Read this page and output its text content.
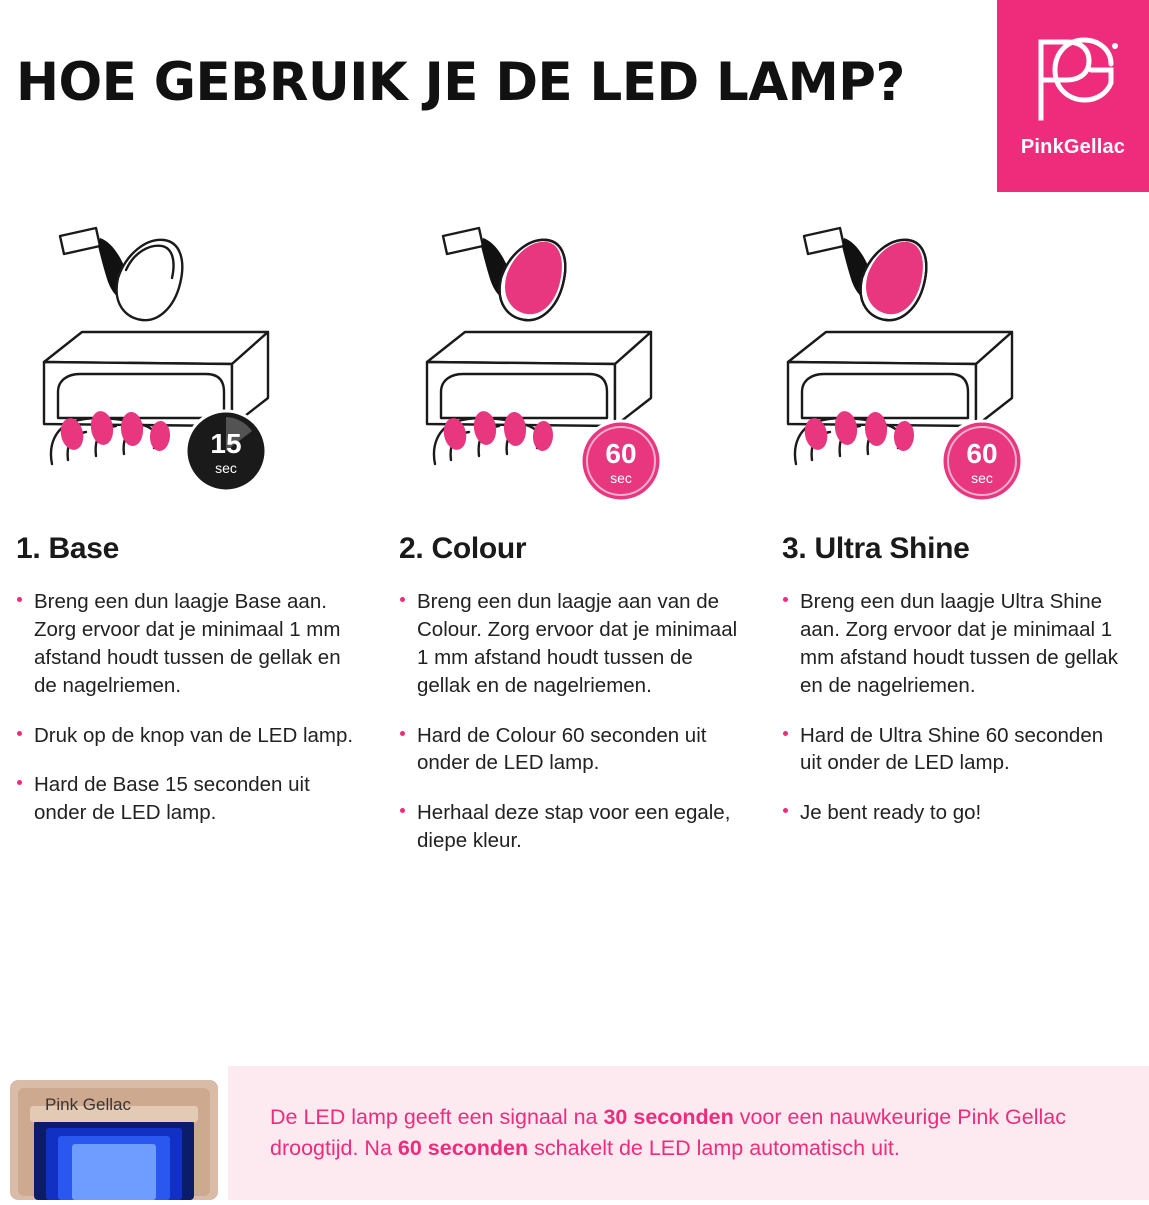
HOE GEBRUIK JE DE LED LAMP?
PinkGellac
15
sec	60
sec
60
sec
1. Base
Breng een dun laagje Base aan. Zorg ervoor dat je minimaal 1 mm afstand houdt tussen de gellak en de nagelriemen.
Druk op de knop van de LED lamp.
Hard de Base 15 seconden uit onder de LED lamp.
2. Colour
Breng een dun laagje aan van de Colour. Zorg ervoor dat je minimaal 1 mm afstand houdt tussen de gellak en de nagelriemen.
Hard de Colour 60 seconden uit onder de LED lamp.
Herhaal deze stap voor een egale, diepe kleur.
3. Ultra Shine
Breng een dun laagje Ultra Shine aan. Zorg ervoor dat je minimaal 1 mm afstand houdt tussen de gellak en de nagelriemen.
Hard de Ultra Shine 60 seconden uit onder de LED lamp.
Je bent ready to go!
Pink Gellac
De LED lamp geeft een signaal na 30 seconden voor een nauwkeurige Pink Gellac droogtijd. Na 60 seconden schakelt de LED lamp automatisch uit.
